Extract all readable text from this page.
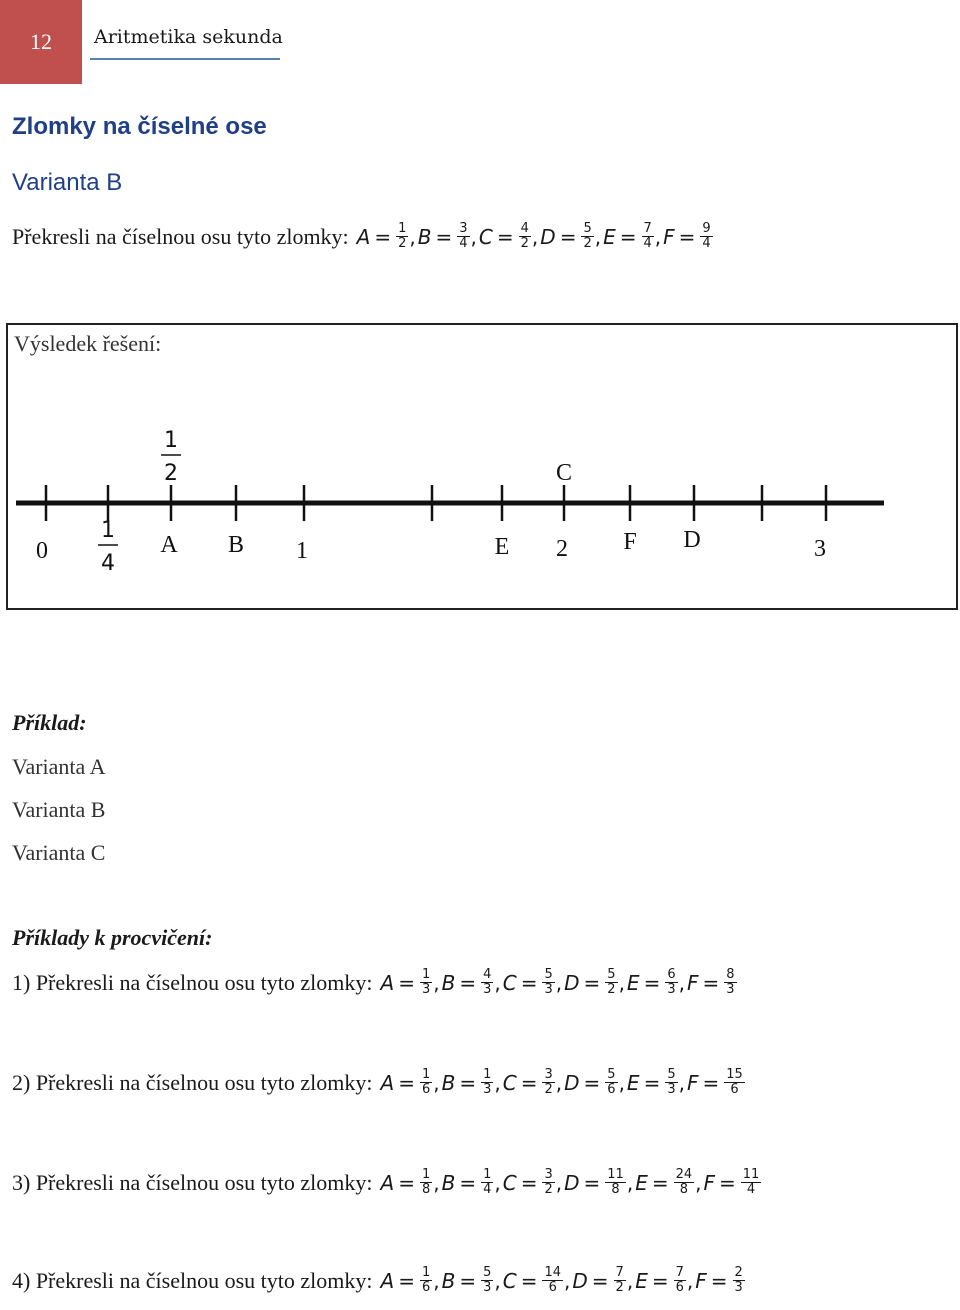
12 Aritmetika sekunda
Zlomky na číselné ose
Varianta B
Překresli na číselnou osu tyto zlomky: $A = \frac{1}{2}$ , $B = \frac{3}{4}$ , $C = \frac{4}{2}$ , $D = \frac{5}{2}$ , $E = \frac{7}{4}$ , $F = \frac{9}{4}$
Výsledek řešení:
1
2	C
0
1
4
A B 1	E 2 F D	3
Příklad:
Varianta A
Varianta B
Varianta C
Příklady k procvičení:
1) Překresli na číselnou osu tyto zlomky: $A = \frac{1}{3}$ , $B = \frac{4}{3}$ , $C = \frac{5}{3}$ , $D = \frac{5}{2}$ , $E = \frac{6}{3}$ , $F = \frac{8}{3}$
2) Překresli na číselnou osu tyto zlomky: $A = \frac{1}{6}$ , $B = \frac{1}{3}$ , $C = \frac{3}{2}$ , $D = \frac{5}{6}$ , $E = \frac{5}{3}$ , $F = \frac{15}{6}$
3) Překresli na číselnou osu tyto zlomky: $A = \frac{1}{8}$ , $B = \frac{1}{4}$ , $C = \frac{3}{2}$ , $D = \frac{11}{8}$ , $E = \frac{24}{8}$ , $F = \frac{11}{4}$
4) Překresli na číselnou osu tyto zlomky: $A = \frac{1}{6}$ , $B = \frac{5}{3}$ , $C = \frac{14}{6}$ , $D = \frac{7}{2}$ , $E = \frac{7}{6}$ , $F = \frac{2}{3}$
